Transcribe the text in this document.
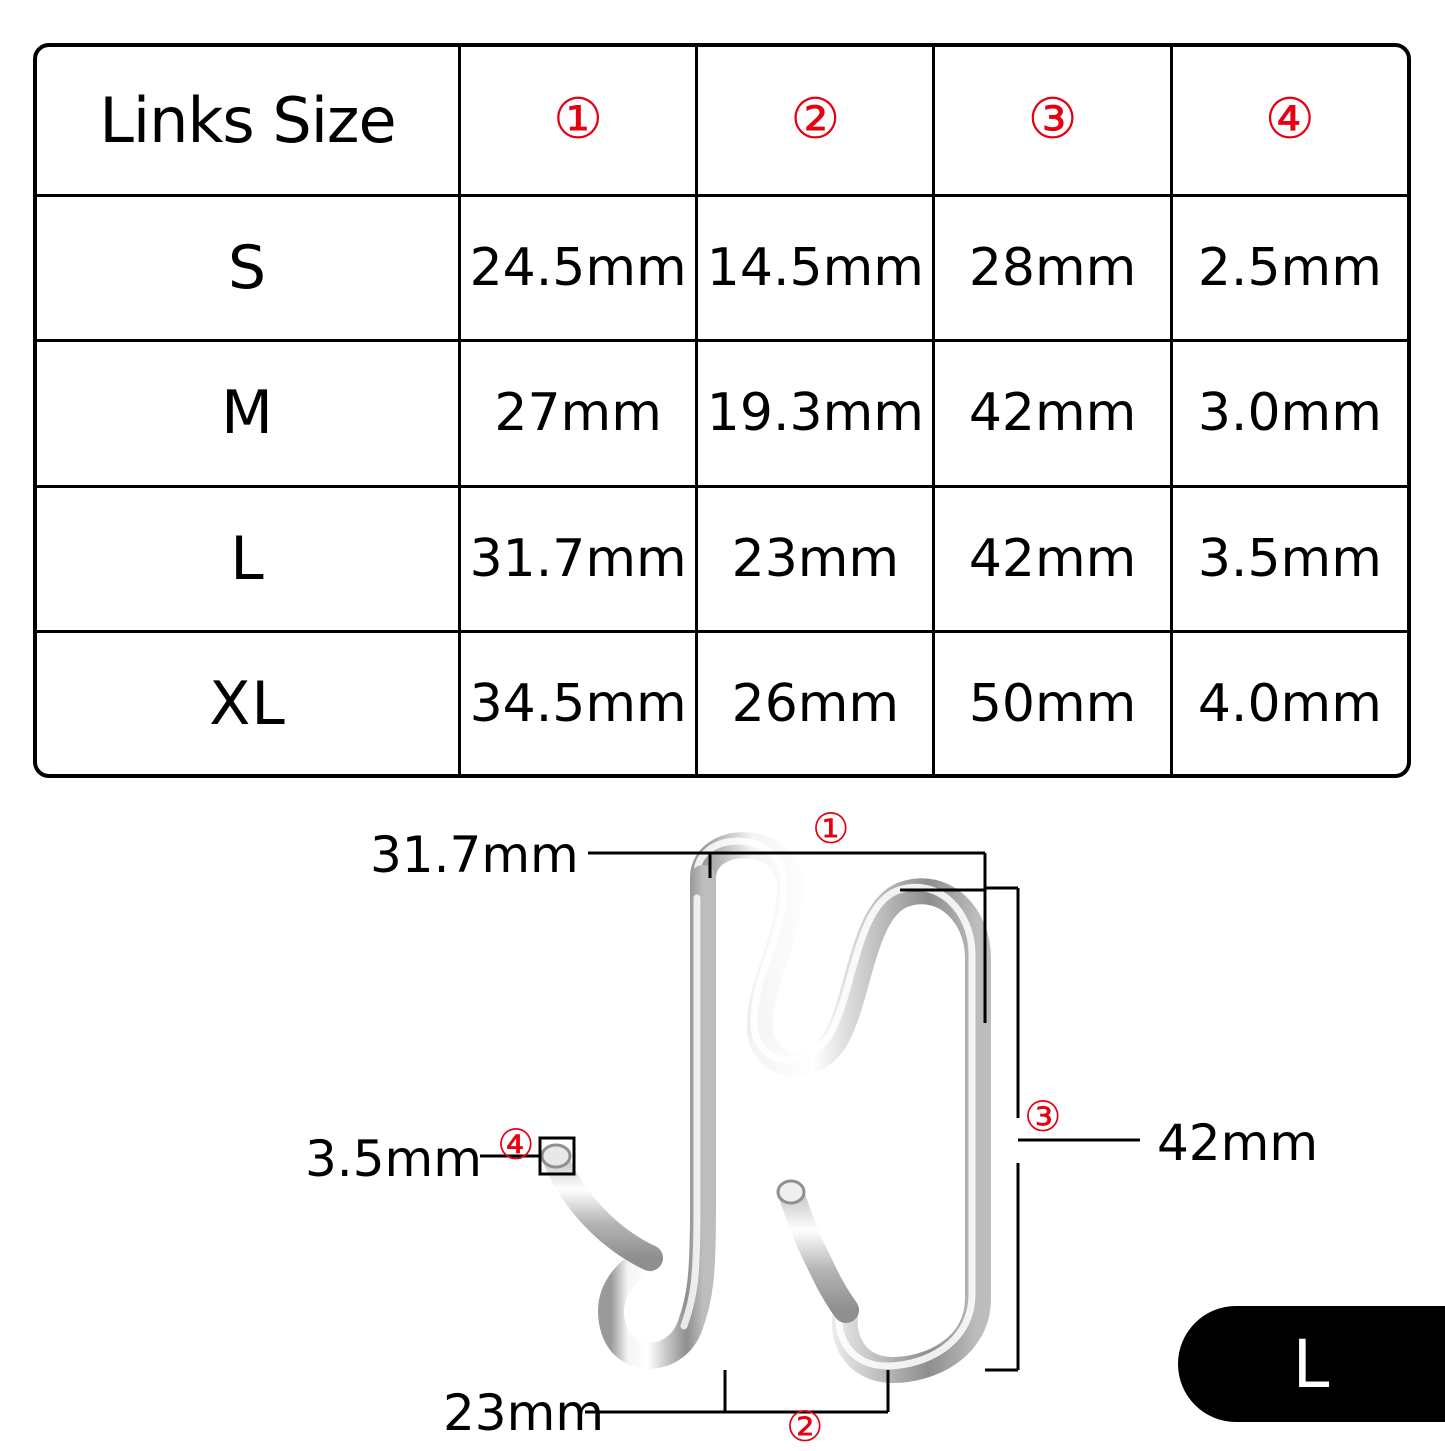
Links Size	①	②	③	④
S	24.5mm	14.5mm	28mm	2.5mm
M	27mm	19.3mm	42mm	3.0mm
L	31.7mm	23mm	42mm	3.5mm
XL	34.5mm	26mm	50mm	4.0mm
31.7mm	①
42mm
③
3.5mm ④
23mm	②
L
